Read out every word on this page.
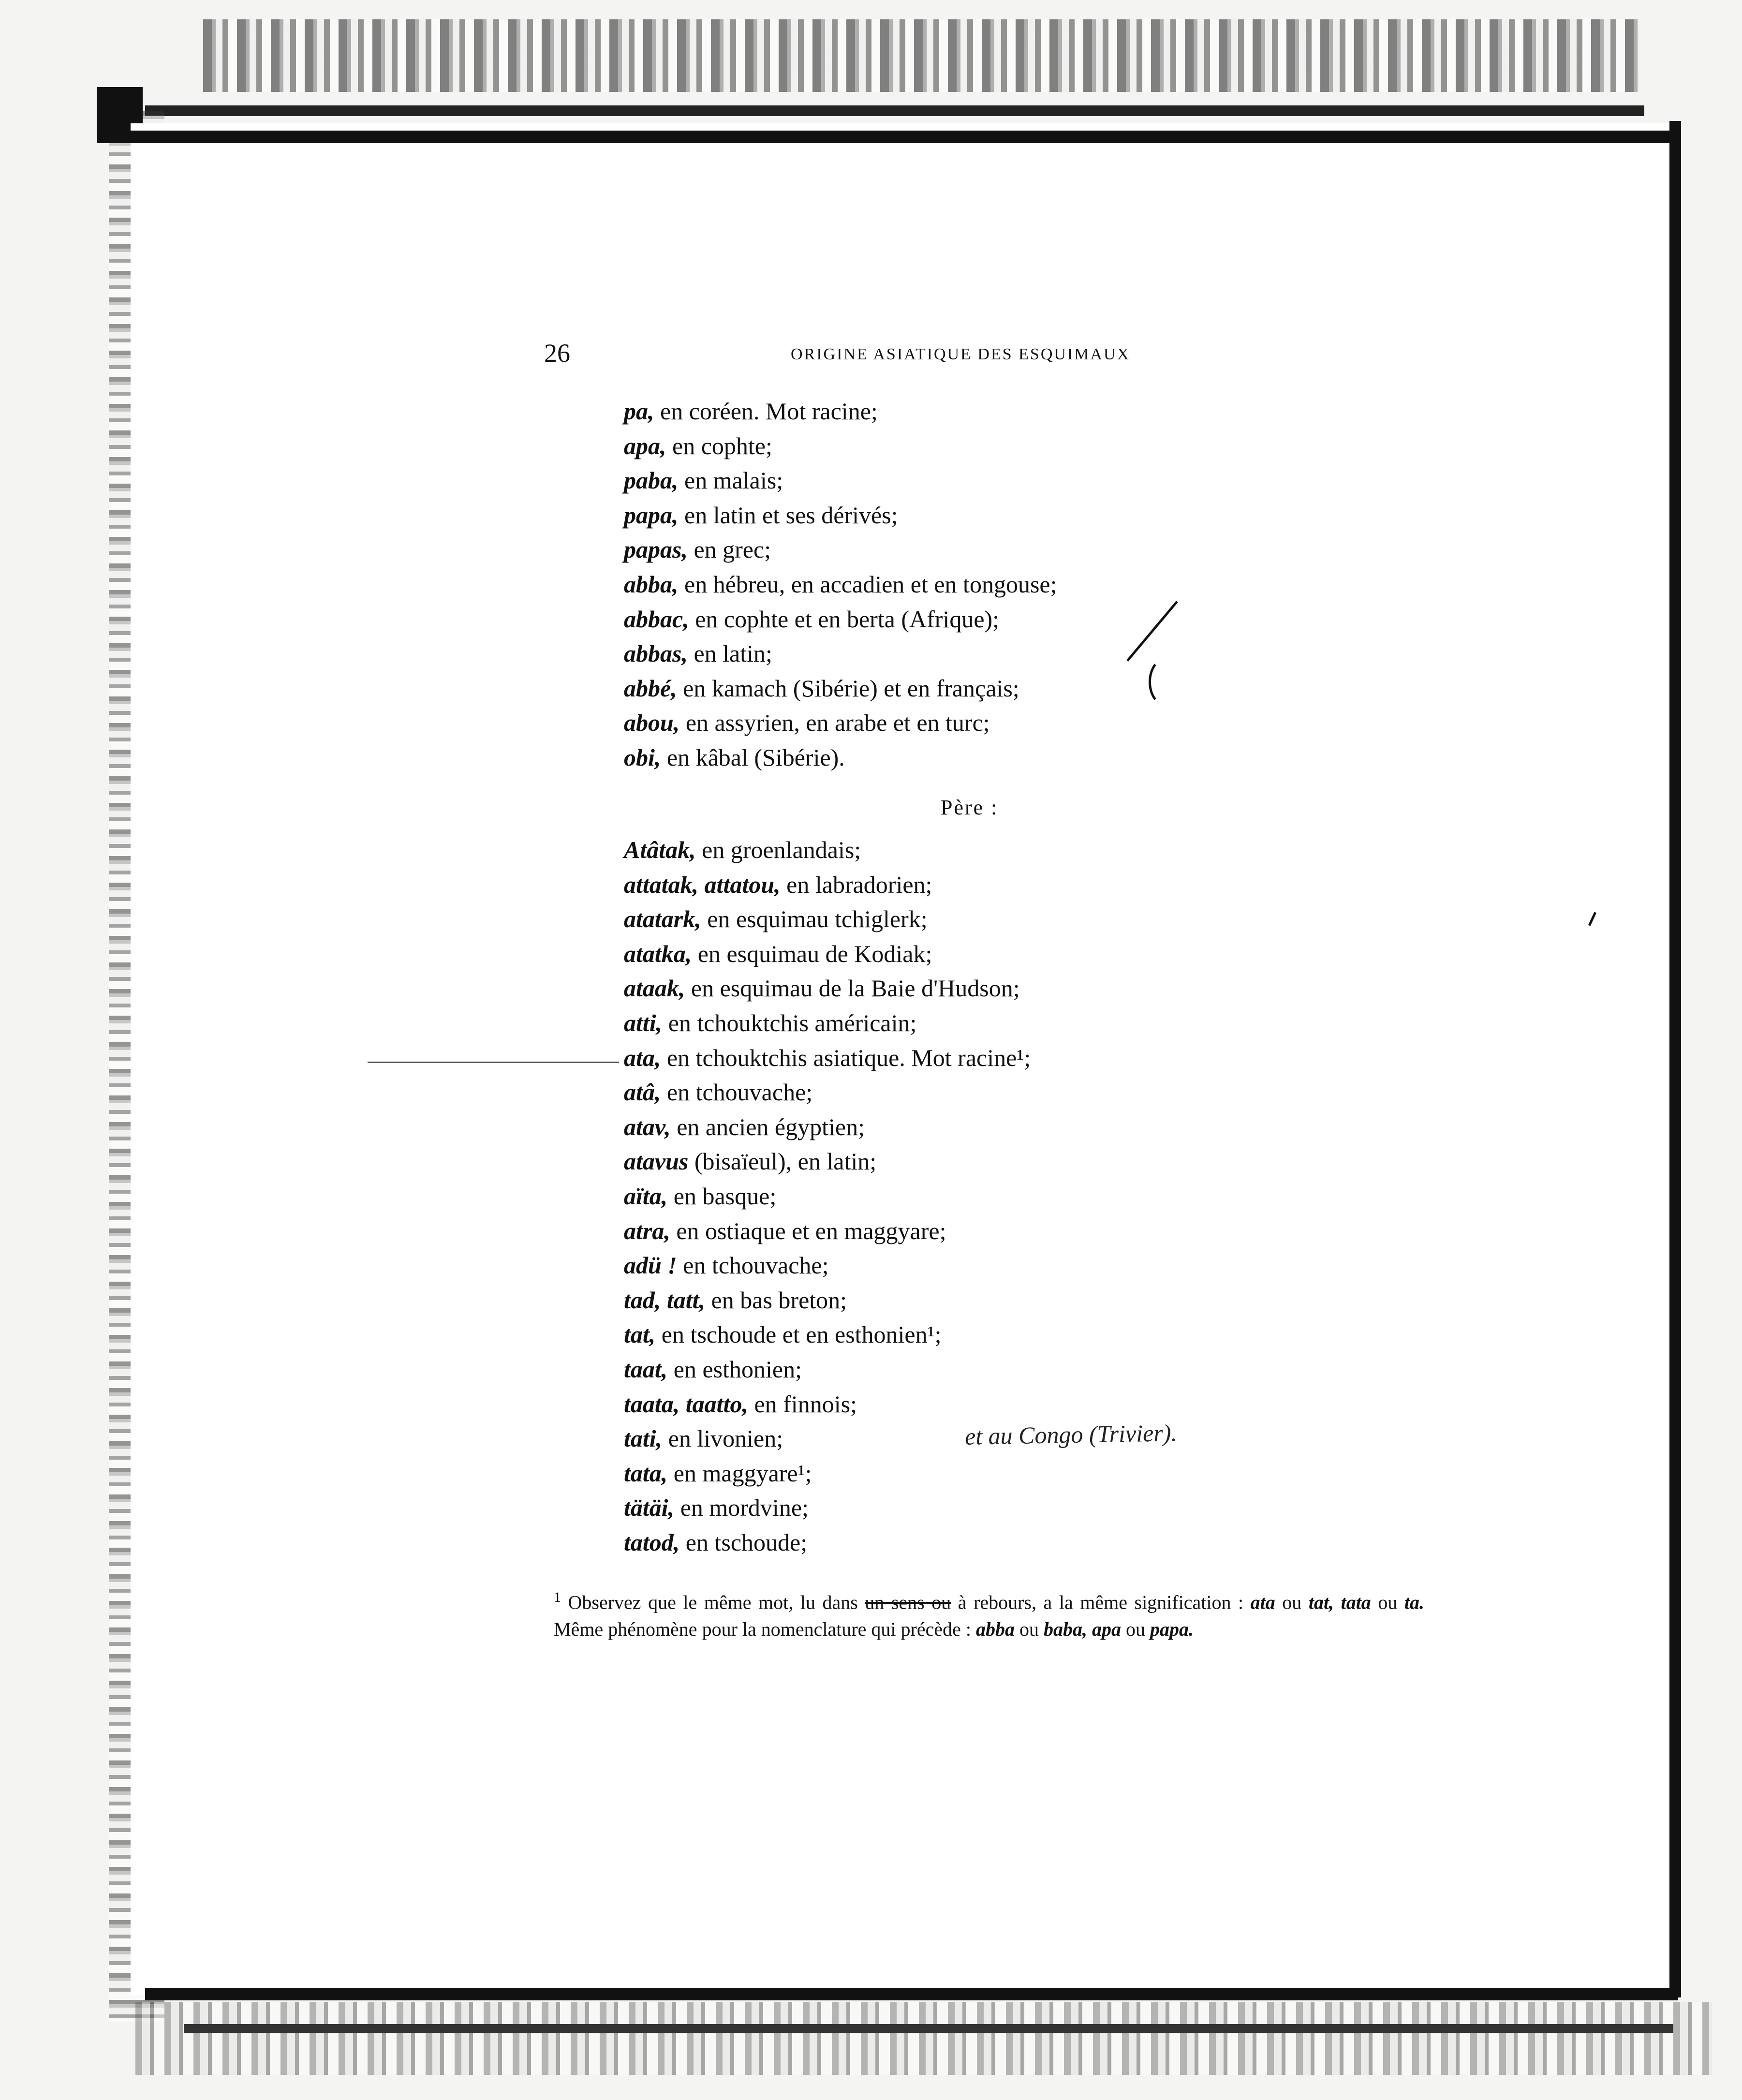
26	ORIGINE ASIATIQUE DES ESQUIMAUX
pa, en coréen. Mot racine;
apa, en cophte;
paba, en malais;
papa, en latin et ses dérivés;
papas, en grec;
abba, en hébreu, en accadien et en tongouse;
abbac, en cophte et en berta (Afrique);
abbas, en latin;
abbé, en kamach (Sibérie) et en français;
abou, en assyrien, en arabe et en turc;
obi, en kâbal (Sibérie).
Père :
Atâtak, en groenlandais;
attatak, attatou, en labradorien;
atatark, en esquimau tchiglerk;
atatka, en esquimau de Kodiak;
ataak, en esquimau de la Baie d'Hudson;
atti, en tchouktchis américain;
ata, en tchouktchis asiatique. Mot racine¹;
atâ, en tchouvache;
atav, en ancien égyptien;
atavus (bisaïeul), en latin;
aïta, en basque;
atra, en ostiaque et en maggyare;
adü ! en tchouvache;
tad, tatt, en bas breton;
tat, en tschoude et en esthonien¹;
taat, en esthonien;
taata, taatto, en finnois;
tati, en livonien;
tata, en maggyare¹;
tätäi, en mordvine;
tatod, en tschoude;
et au Congo (Trivier).
$^1$ Observez que le même mot, lu dans un sens ou à rebours, a la même signification : ata ou tat, tata ou ta. Même phénomène pour la nomenclature qui précède : abba ou baba, apa ou papa.
